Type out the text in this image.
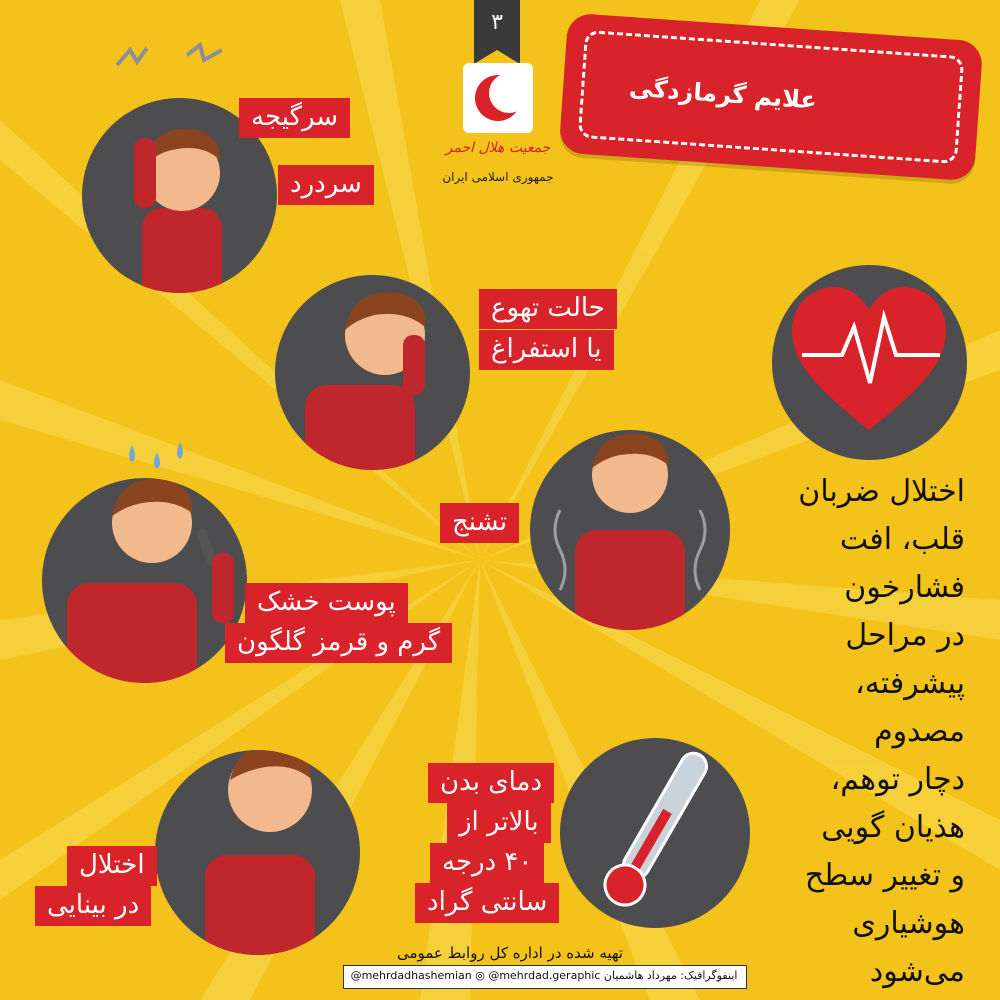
۳
جمعیت هلال احمر
جمهوری اسلامی ایران
علایم گرمازدگی
سرگیجه
سردرد
حالت تهوع
یا استفراغ
تشنج
اختلال ضربان
قلب، افت
فشارخون
در مراحل
پیشرفته،
مصدوم
دچار توهم،
هذیان گویی
و تغییر سطح
هوشیاری
می‌شود
پوست خشک
گرم و قرمز گلگون
اختلال
در بینایی
دمای بدن
بالاتر از
۴۰ درجه
سانتی گراد
تهیه شده در اداره کل روابط عمومی
@mehrdadhashemian ◎ @mehrdad.geraphic اینفوگرافیک: مهرداد هاشمیان
